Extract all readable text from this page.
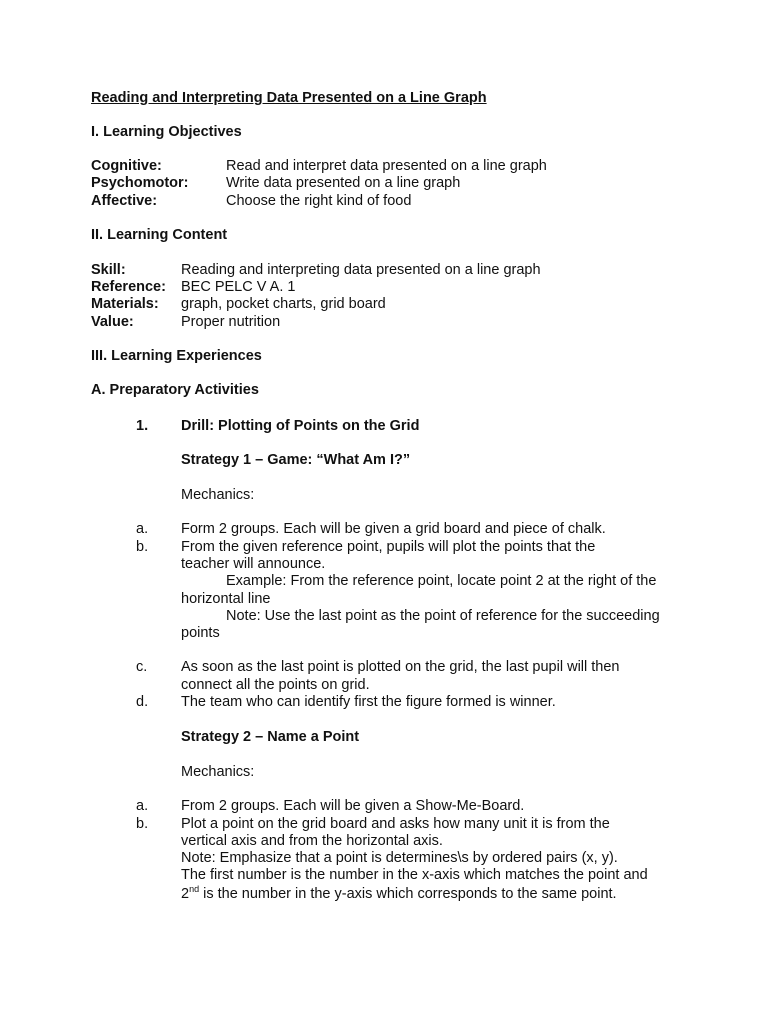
Reading and Interpreting Data Presented on a Line Graph
I. Learning Objectives
Cognitive:	Read and interpret data presented on a line graph
Psychomotor:	Write data presented on a line graph
Affective:	Choose the right kind of food
II. Learning Content
Skill:	Reading and interpreting data presented on a line graph
Reference: BEC PELC V A. 1
Materials: graph, pocket charts, grid board
Value:	Proper nutrition
III. Learning Experiences
A. Preparatory Activities
1. Drill: Plotting of Points on the Grid
Strategy 1 – Game: “What Am I?”
Mechanics:
a. Form 2 groups. Each will be given a grid board and piece of chalk.
b. From the given reference point, pupils will plot the points that the
teacher will announce.
Example: From the reference point, locate point 2 at the right of the
horizontal line
Note: Use the last point as the point of reference for the succeeding
points
c. As soon as the last point is plotted on the grid, the last pupil will then
connect all the points on grid.
d. The team who can identify first the figure formed is winner.
Strategy 2 – Name a Point
Mechanics:
a. From 2 groups. Each will be given a Show-Me-Board.
b. Plot a point on the grid board and asks how many unit it is from the
vertical axis and from the horizontal axis.
Note: Emphasize that a point is determines\s by ordered pairs (x, y).
The first number is the number in the x-axis which matches the point and
2nd is the number in the y-axis which corresponds to the same point.
